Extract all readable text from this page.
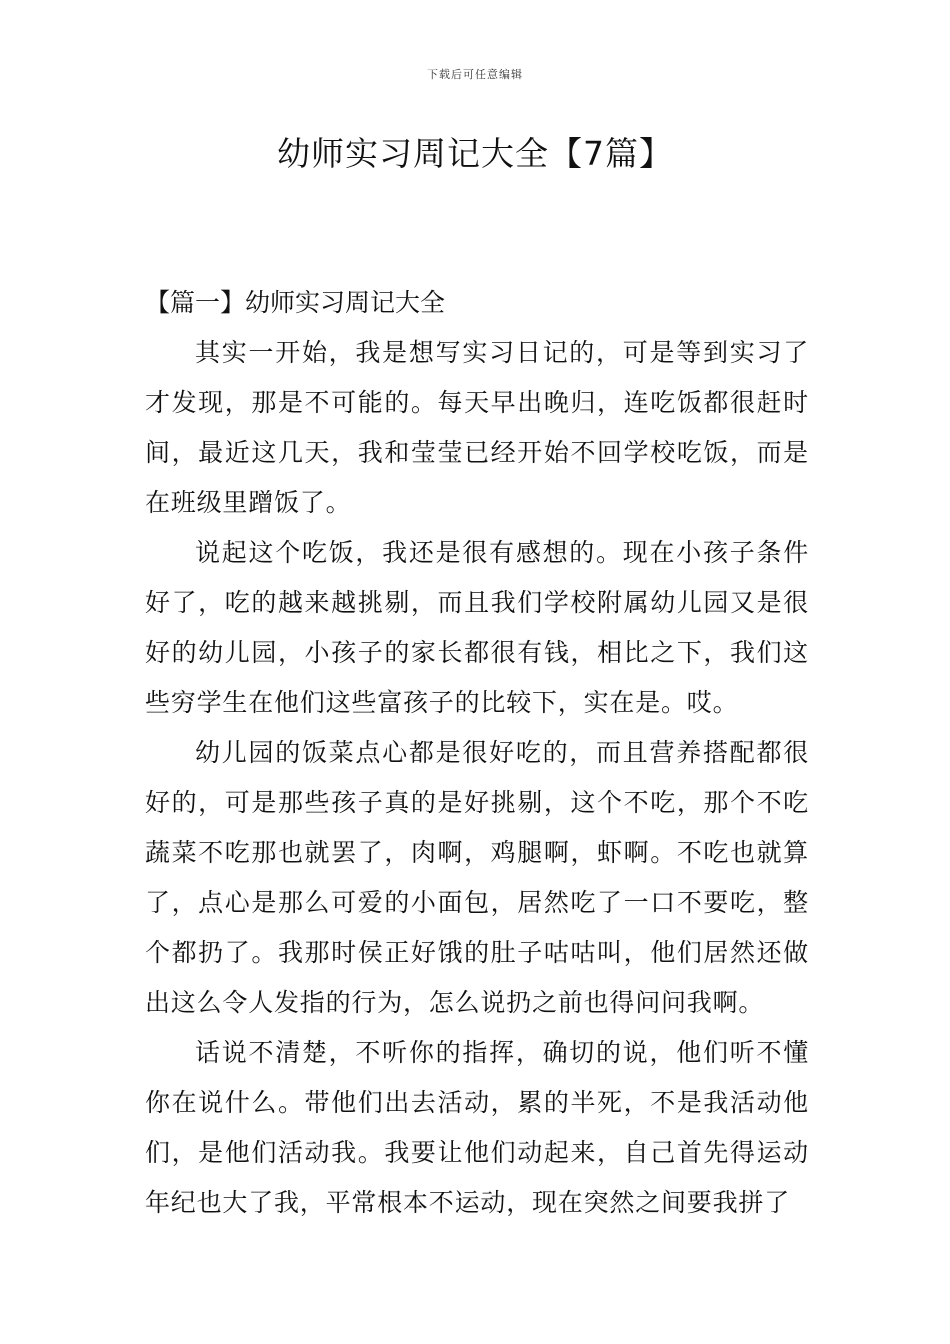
下载后可任意编辑
幼师实习周记大全【7篇】

【篇一】幼师实习周记大全

其实一开始，我是想写实习日记的，可是等到实习了才发现，那是不可能的。每天早出晚归，连吃饭都很赶时间，最近这几天，我和莹莹已经开始不回学校吃饭，而是在班级里蹭饭了。

说起这个吃饭，我还是很有感想的。现在小孩子条件好了，吃的越来越挑剔，而且我们学校附属幼儿园又是很好的幼儿园，小孩子的家长都很有钱，相比之下，我们这些穷学生在他们这些富孩子的比较下，实在是。哎。

幼儿园的饭菜点心都是很好吃的，而且营养搭配都很好的，可是那些孩子真的是好挑剔，这个不吃，那个不吃蔬菜不吃那也就罢了，肉啊，鸡腿啊，虾啊。不吃也就算了，点心是那么可爱的小面包，居然吃了一口不要吃，整个都扔了。我那时侯正好饿的肚子咕咕叫，他们居然还做出这么令人发指的行为，怎么说扔之前也得问问我啊。

话说不清楚，不听你的指挥，确切的说，他们听不懂你在说什么。带他们出去活动，累的半死，不是我活动他们，是他们活动我。我要让他们动起来，自己首先得运动年纪也大了我，平常根本不运动，现在突然之间要我拼了
